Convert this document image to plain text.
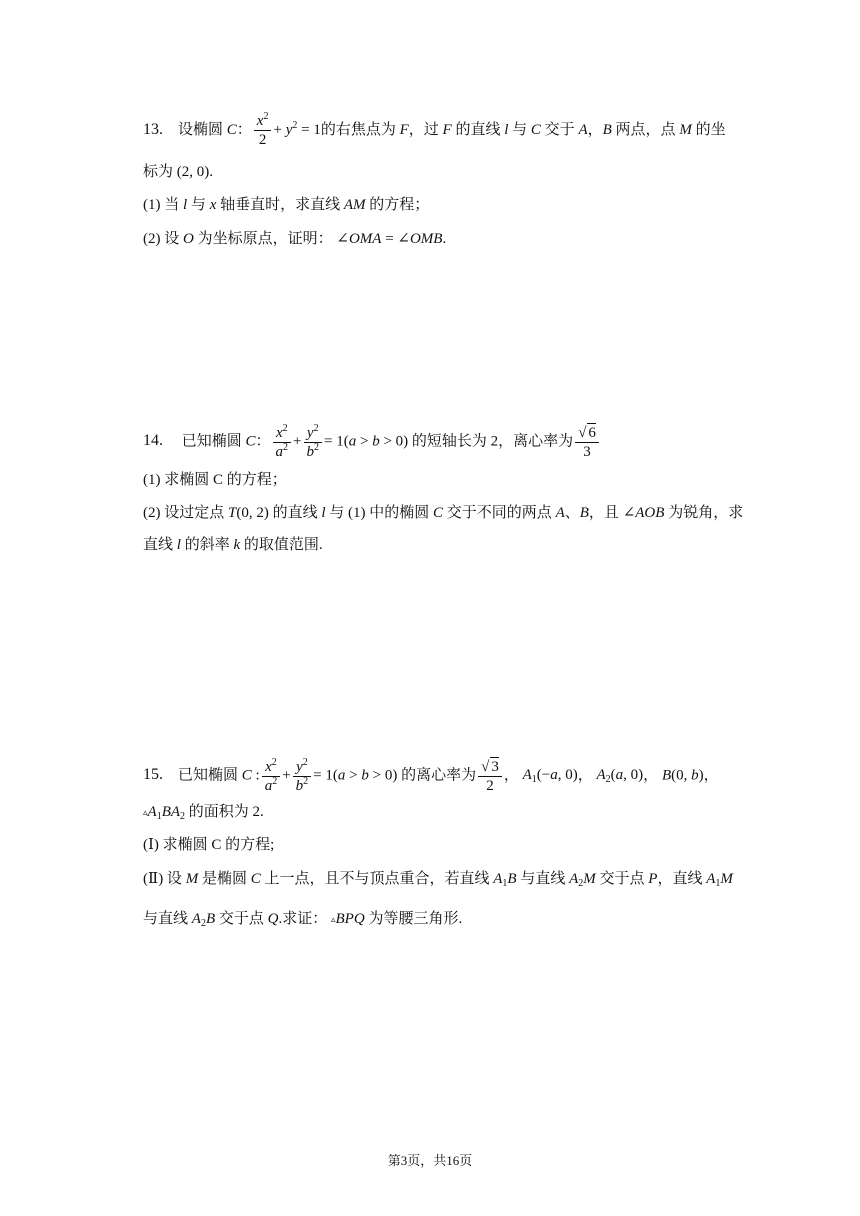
13. 设椭圆 C： $\frac{x^2}{2} + y^2 = 1$的右焦点为 F，过 F 的直线 l 与 C 交于 A，B 两点，点 M 的坐
标为 (2, 0).
(1) 当 l 与 x 轴垂直时，求直线 AM 的方程；
(2) 设 O 为坐标原点，证明： ∠OMA = ∠OMB.
14. 已知椭圆 C： $\frac{x^2}{a^2} + \frac{y^2}{b^2} = 1(a > b > 0)$ 的短轴长为 2，离心率为 $\frac{√ 6}{3}$
(1) 求椭圆 C 的方程；
(2) 设过定点 T(0, 2) 的直线 l 与 (1) 中的椭圆 C 交于不同的两点 A、B，且 ∠AOB 为锐角，求
直线 l 的斜率 k 的取值范围.
15. 已知椭圆 C : $\frac{x^2}{a^2} + \frac{y^2}{b^2} = 1(a > b > 0)$ 的离心率为 $\frac{√ 3}{2}$ ， $A_1(-a$, 0)， $A_2(a$, 0)， B(0, b)，
$▵A_1BA_2$ 的面积为 2.
(Ⅰ) 求椭圆 C 的方程;
(Ⅱ) 设 M 是椭圆 C 上一点，且不与顶点重合，若直线 $A_1B$ 与直线 $A_2M$ 交于点 P，直线 $A_1M$
与直线 $A_2B$ 交于点 Q.求证： ▵BPQ 为等腰三角形.
第3页，共16页
